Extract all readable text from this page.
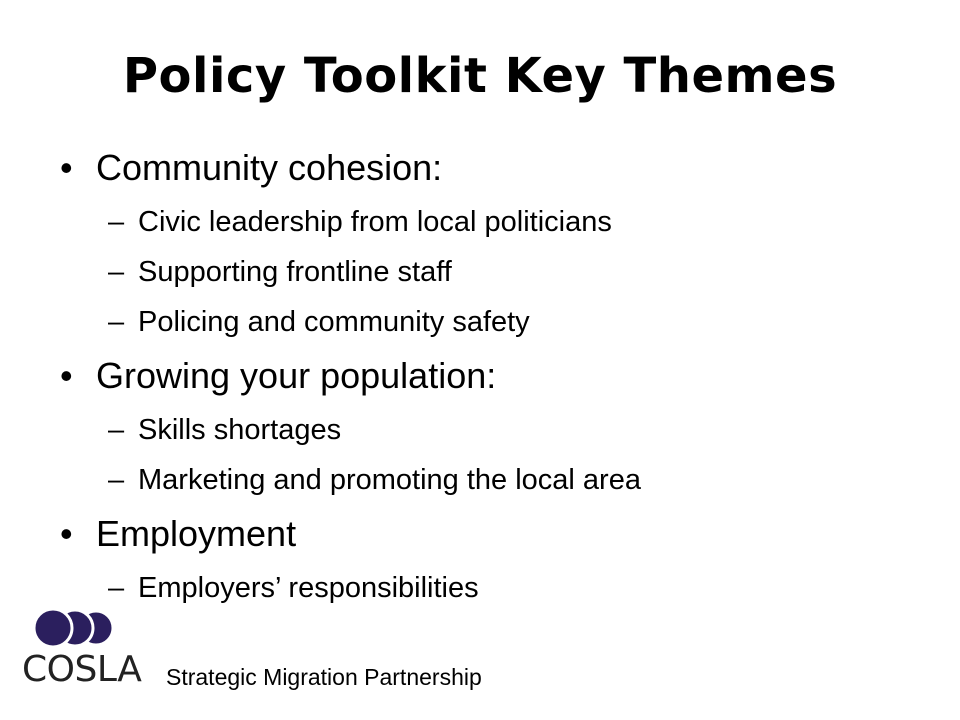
Policy Toolkit Key Themes
• Community cohesion:
– Civic leadership from local politicians
– Supporting frontline staff
– Policing and community safety
• Growing your population:
– Skills shortages
– Marketing and promoting the local area
• Employment
– Employers’ responsibilities
COSLA Strategic Migration Partnership
